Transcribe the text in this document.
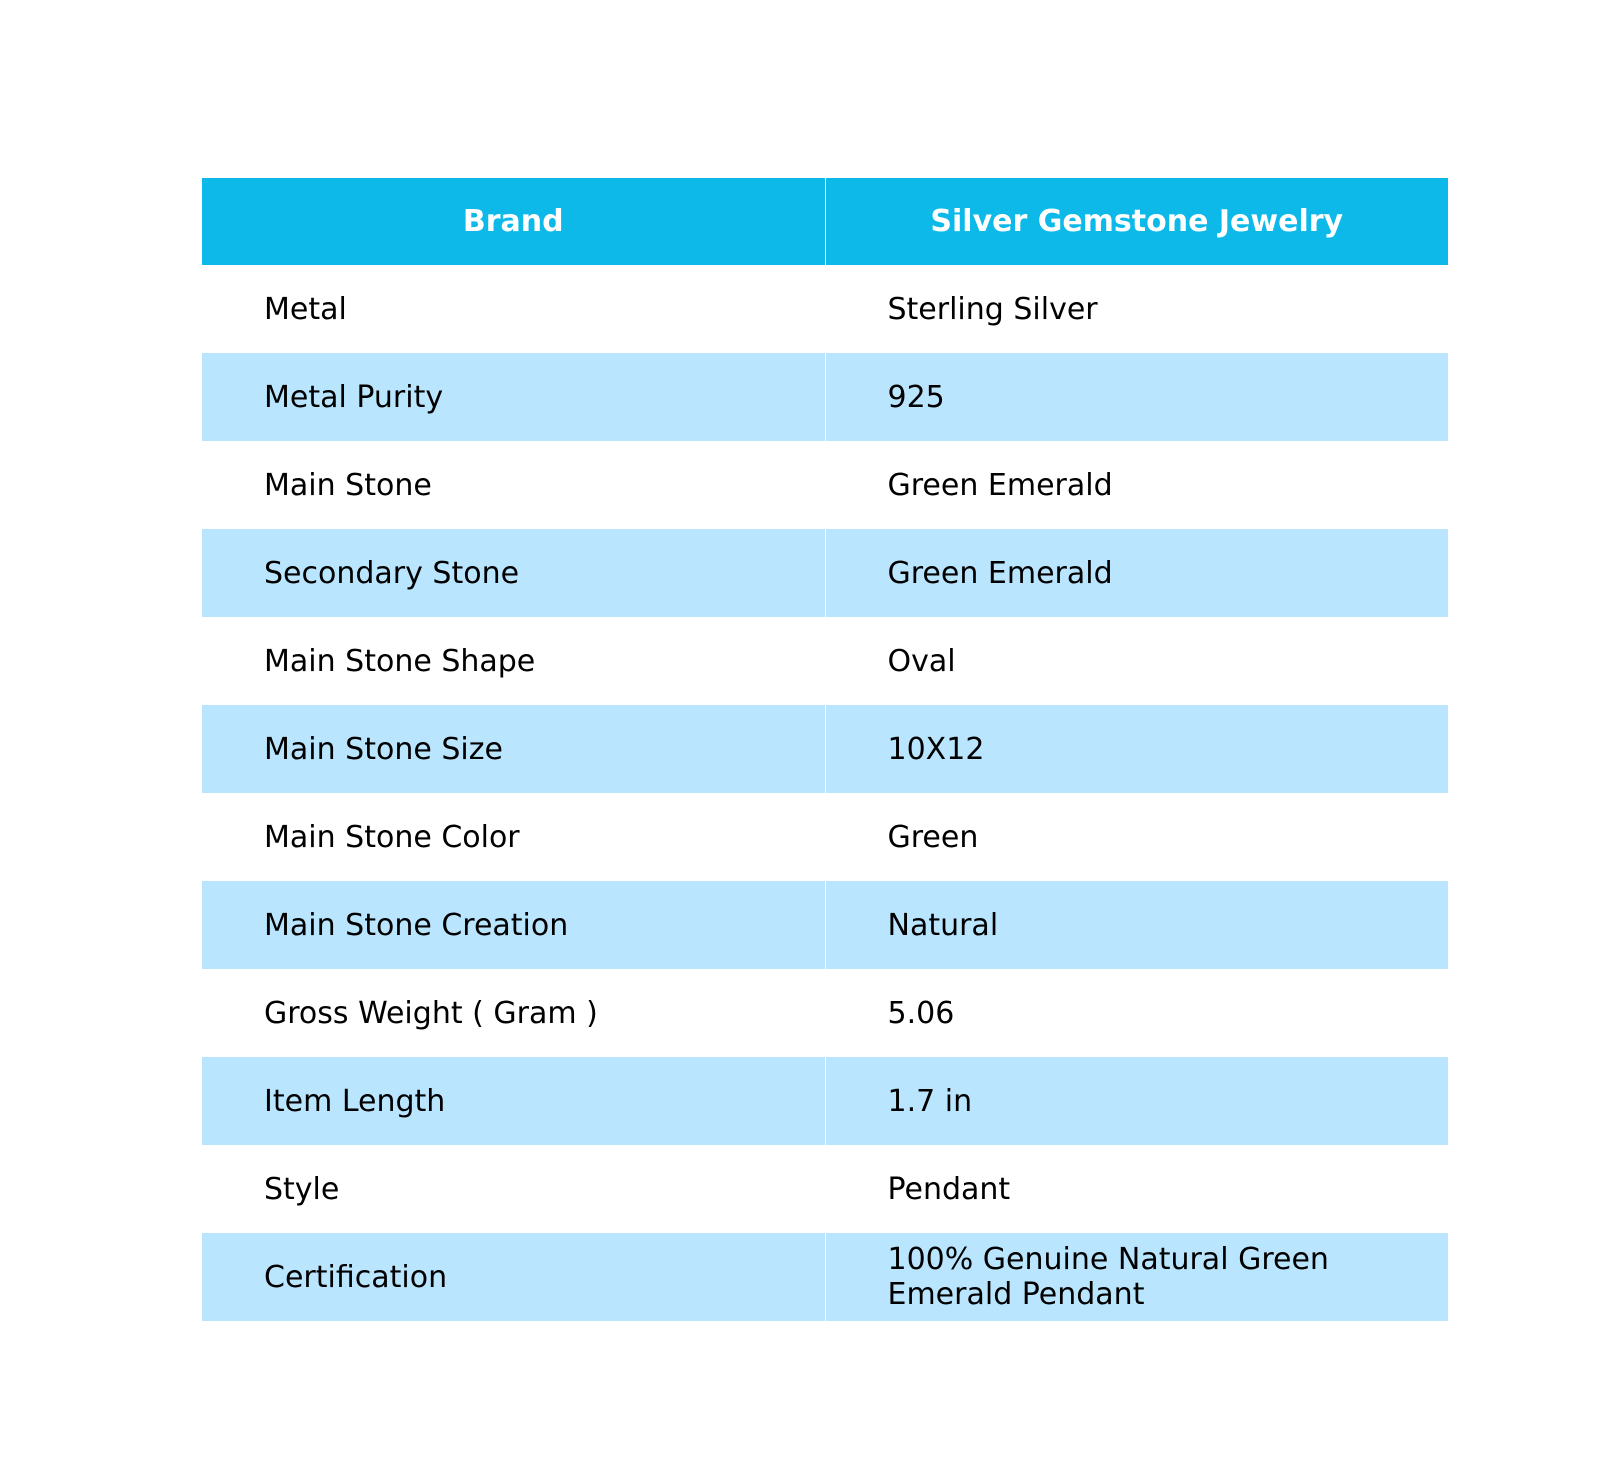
Brand	Silver Gemstone Jewelry
Metal	Sterling Silver
Metal Purity	925
Main Stone	Green Emerald
Secondary Stone	Green Emerald
Main Stone Shape	Oval
Main Stone Size	10X12
Main Stone Color	Green
Main Stone Creation	Natural
Gross Weight ( Gram )	5.06
Item Length	1.7 in
Style	Pendant
Certification	100% Genuine Natural Green Emerald Pendant
